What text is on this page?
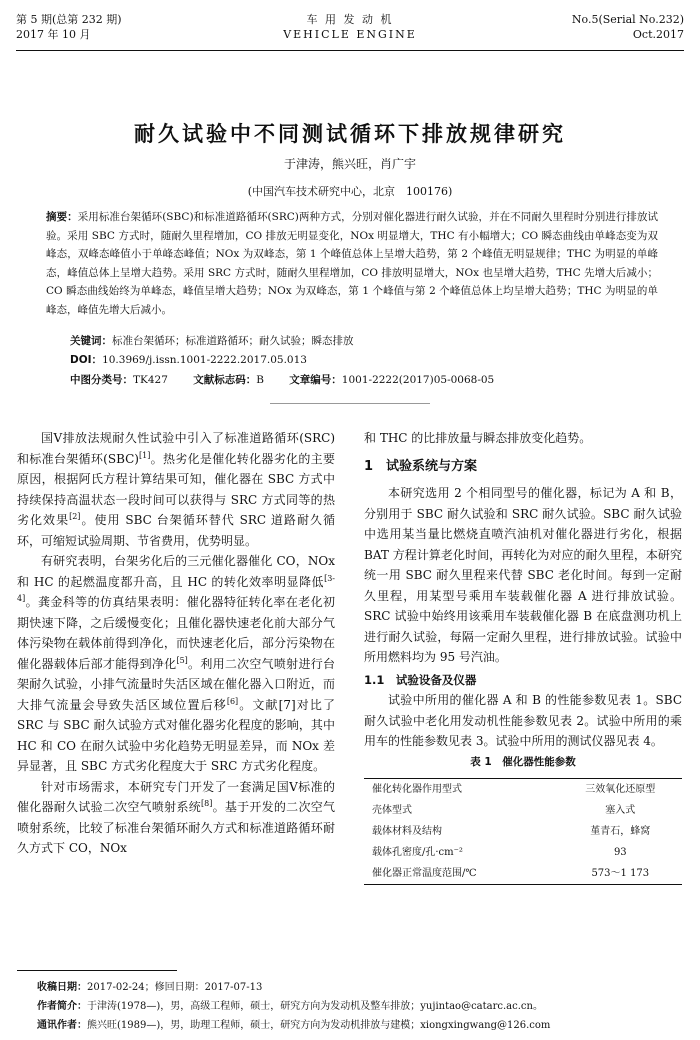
第 5 期(总第 232 期)
2017 年 10 月
车 用 发 动 机
VEHICLE ENGINE
No.5(Serial No.232)
Oct.2017
耐久试验中不同测试循环下排放规律研究
于津涛，熊兴旺，肖广宇
(中国汽车技术研究中心，北京　100176)
摘要：采用标准台架循环(SBC)和标准道路循环(SRC)两种方式，分别对催化器进行耐久试验，并在不同耐久里程时分别进行排放试验。采用 SBC 方式时，随耐久里程增加，CO 排放无明显变化，NOx 明显增大，THC 有小幅增大；CO 瞬态曲线由单峰态变为双峰态，双峰态峰值小于单峰态峰值；NOx 为双峰态，第 1 个峰值总体上呈增大趋势，第 2 个峰值无明显规律；THC 为明显的单峰态，峰值总体上呈增大趋势。采用 SRC 方式时，随耐久里程增加，CO 排放明显增大，NOx 也呈增大趋势，THC 先增大后减小；CO 瞬态曲线始终为单峰态，峰值呈增大趋势；NOx 为双峰态，第 1 个峰值与第 2 个峰值总体上均呈增大趋势；THC 为明显的单峰态，峰值先增大后减小。
关键词：标准台架循环；标准道路循环；耐久试验；瞬态排放
DOI：10.3969/j.issn.1001-2222.2017.05.013
中图分类号：TK427 文献标志码：B 文章编号：1001-2222(2017)05-0068-05

国Ⅴ排放法规耐久性试验中引入了标准道路循环(SRC)和标准台架循环(SBC)[1]。热劣化是催化转化器劣化的主要原因，根据阿氏方程计算结果可知，催化器在 SBC 方式中持续保持高温状态一段时间可以获得与 SRC 方式同等的热劣化效果[2]。使用 SBC 台架循环替代 SRC 道路耐久循环，可缩短试验周期、节省费用，优势明显。

有研究表明，台架劣化后的三元催化器催化 CO，NOx 和 HC 的起燃温度都升高，且 HC 的转化效率明显降低[3-4]。龚金科等的仿真结果表明：催化器特征转化率在老化初期快速下降，之后缓慢变化；且催化器快速老化前大部分气体污染物在载体前得到净化，而快速老化后，部分污染物在催化器载体后部才能得到净化[5]。利用二次空气喷射进行台架耐久试验，小排气流量时失活区域在催化器入口附近，而大排气流量会导致失活区域位置后移[6]。文献[7]对比了 SRC 与 SBC 耐久试验方式对催化器劣化程度的影响，其中 HC 和 CO 在耐久试验中劣化趋势无明显差异，而 NOx 差异显著，且 SBC 方式劣化程度大于 SRC 方式劣化程度。

针对市场需求，本研究专门开发了一套满足国Ⅴ标准的催化器耐久试验二次空气喷射系统[8]。基于开发的二次空气喷射系统，比较了标准台架循环耐久方式和标准道路循环耐久方式下 CO，NOx

和 THC 的比排放量与瞬态排放变化趋势。
1　试验系统与方案

本研究选用 2 个相同型号的催化器，标记为 A 和 B，分别用于 SBC 耐久试验和 SRC 耐久试验。SBC 耐久试验中选用某当量比燃烧直喷汽油机对催化器进行劣化，根据 BAT 方程计算老化时间，再转化为对应的耐久里程，本研究统一用 SBC 耐久里程来代替 SBC 老化时间。每到一定耐久里程，用某型号乘用车装载催化器 A 进行排放试验。SRC 试验中始终用该乘用车装载催化器 B 在底盘测功机上进行耐久试验，每隔一定耐久里程，进行排放试验。试验中所用燃料均为 95 号汽油。

1.1　试验设备及仪器

试验中所用的催化器 A 和 B 的性能参数见表 1。SBC 耐久试验中老化用发动机性能参数见表 2。试验中所用的乘用车的性能参数见表 3。试验中所用的测试仪器见表 4。

表 1　催化器性能参数
催化转化器作用型式	三效氧化还原型
壳体型式	塞入式
载体材料及结构	堇青石，蜂窝
载体孔密度/孔·cm⁻²	93
催化器正常温度范围/℃	573～1 173
收稿日期：2017-02-24；修回日期：2017-07-13
作者简介：于津涛(1978—)，男，高级工程师，硕士，研究方向为发动机及整车排放；yujintao@catarc.ac.cn。
通讯作者：熊兴旺(1989—)，男，助理工程师，硕士，研究方向为发动机排放与建模；xiongxingwang@126.com
